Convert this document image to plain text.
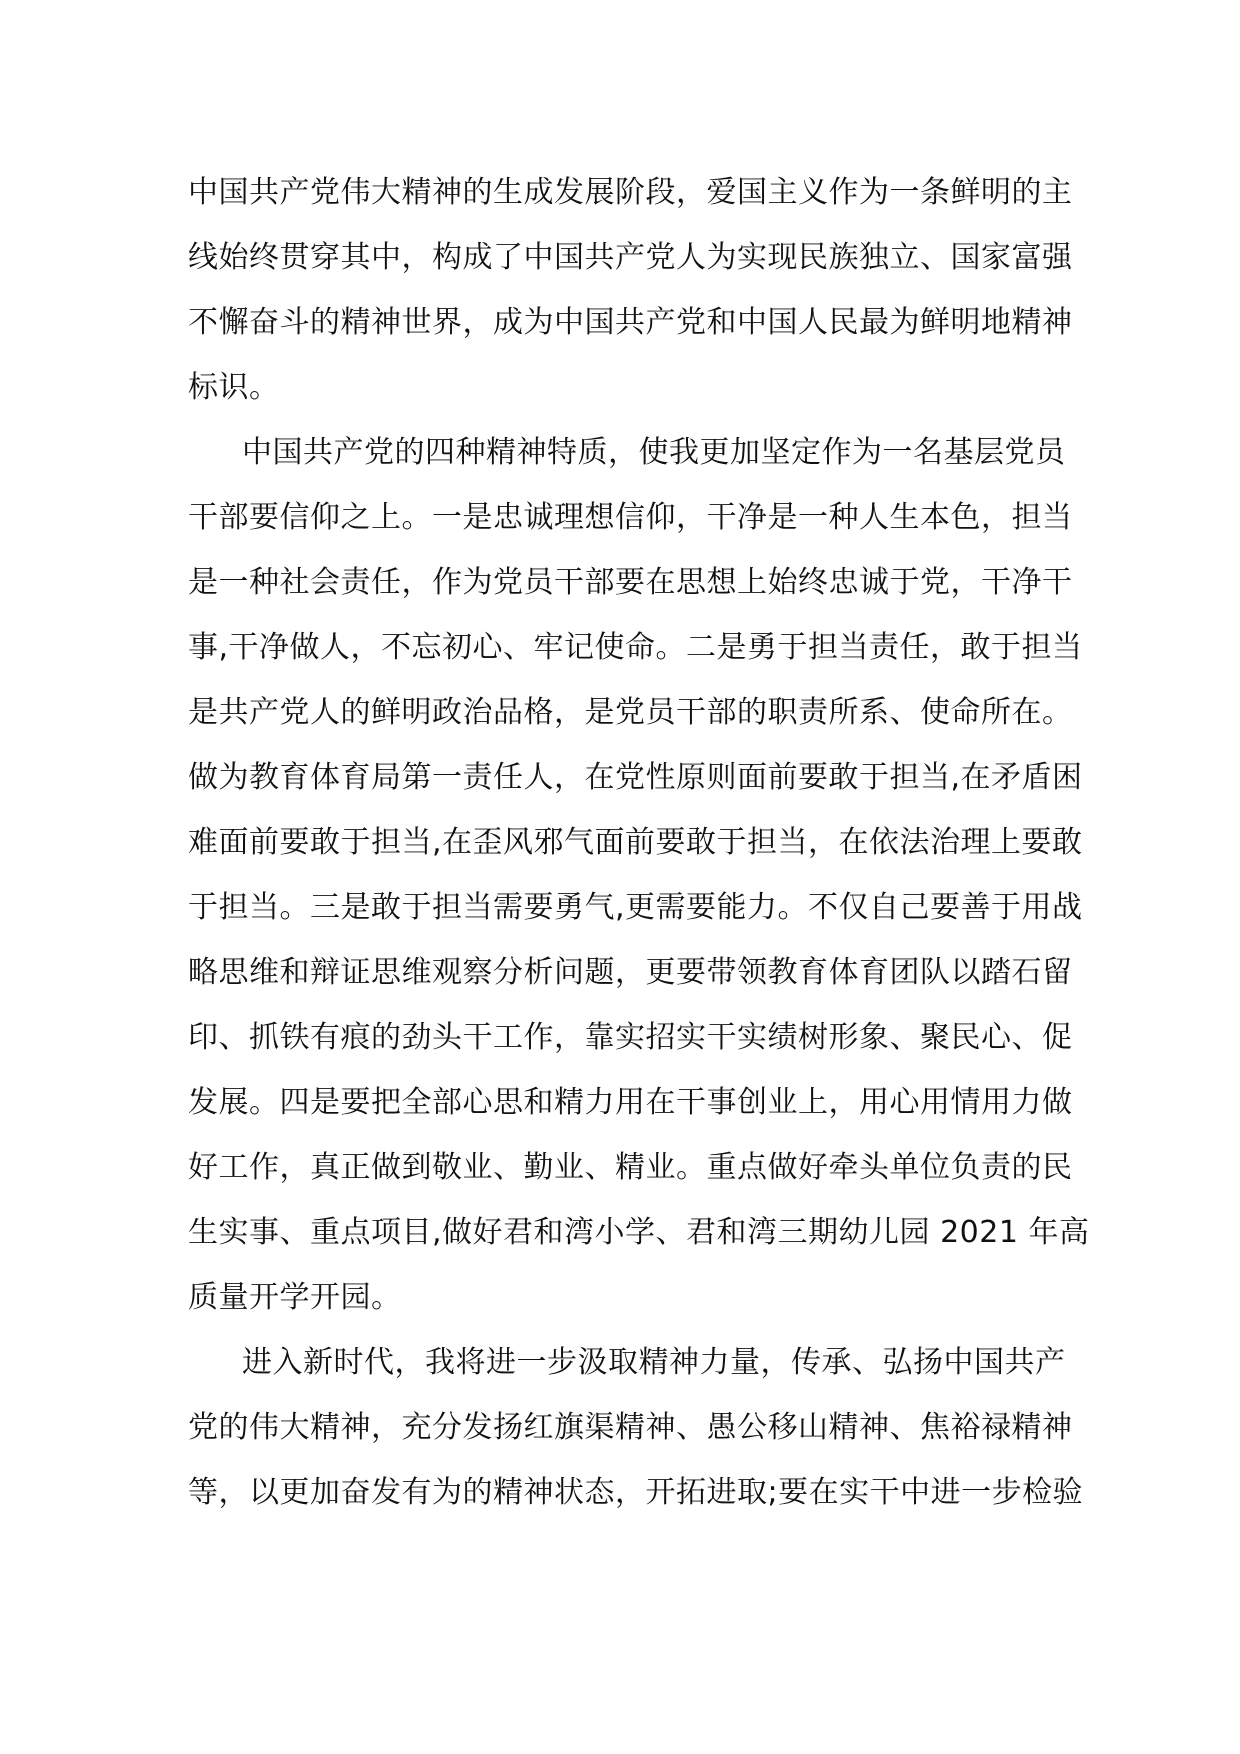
中国共产党伟大精神的生成发展阶段，爱国主义作为一条鲜明的主
线始终贯穿其中，构成了中国共产党人为实现民族独立、国家富强
不懈奋斗的精神世界，成为中国共产党和中国人民最为鲜明地精神
标识。
中国共产党的四种精神特质，使我更加坚定作为一名基层党员
干部要信仰之上。一是忠诚理想信仰，干净是一种人生本色，担当
是一种社会责任，作为党员干部要在思想上始终忠诚于党，干净干
事,干净做人，不忘初心、牢记使命。二是勇于担当责任，敢于担当
是共产党人的鲜明政治品格，是党员干部的职责所系、使命所在。
做为教育体育局第一责任人，在党性原则面前要敢于担当,在矛盾困
难面前要敢于担当,在歪风邪气面前要敢于担当，在依法治理上要敢
于担当。三是敢于担当需要勇气,更需要能力。不仅自己要善于用战
略思维和辩证思维观察分析问题，更要带领教育体育团队以踏石留
印、抓铁有痕的劲头干工作，靠实招实干实绩树形象、聚民心、促
发展。四是要把全部心思和精力用在干事创业上，用心用情用力做
好工作，真正做到敬业、勤业、精业。重点做好牵头单位负责的民
生实事、重点项目,做好君和湾小学、君和湾三期幼儿园 2021 年高
质量开学开园。
进入新时代，我将进一步汲取精神力量，传承、弘扬中国共产
党的伟大精神，充分发扬红旗渠精神、愚公移山精神、焦裕禄精神
等，以更加奋发有为的精神状态，开拓进取;要在实干中进一步检验
